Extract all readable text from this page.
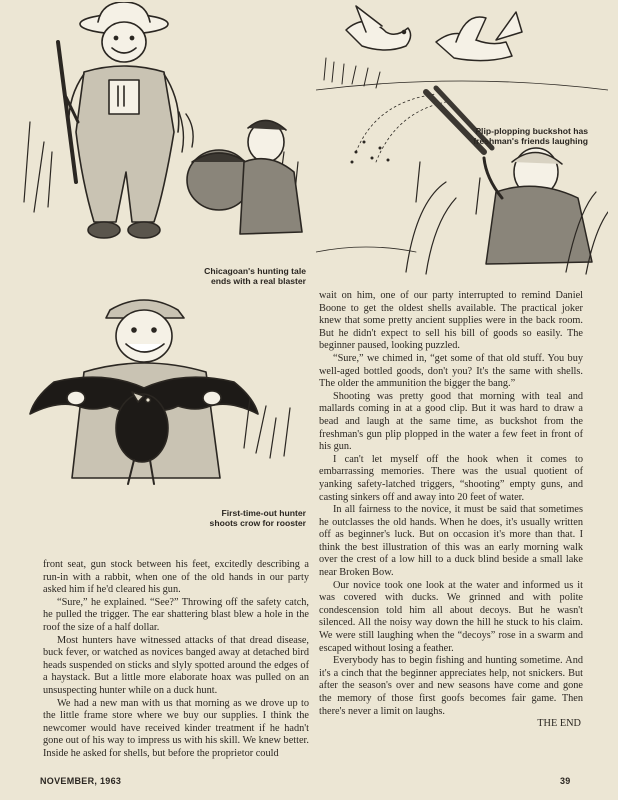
Chicagoan's hunting tale ends with a real blaster
First-time-out hunter shoots crow for rooster
Plip-plopping buckshot has freshman's friends laughing

front seat, gun stock between his feet, excitedly describing a run-in with a rabbit, when one of the old hands in our party asked him if he'd cleared his gun.

“Sure,” he explained. “See?” Throwing off the safety catch, he pulled the trigger. The ear shattering blast blew a hole in the roof the size of a half dollar.

Most hunters have witnessed attacks of that dread disease, buck fever, or watched as novices banged away at detached bird heads suspended on sticks and slyly spotted around the edges of a haystack. But a little more elaborate hoax was pulled on an unsuspecting hunter while on a duck hunt.

We had a new man with us that morning as we drove up to the little frame store where we buy our supplies. I think the newcomer would have received kinder treatment if he hadn't gone out of his way to impress us with his skill. We knew better. Inside he asked for shells, but before the proprietor could

wait on him, one of our party interrupted to remind Daniel Boone to get the oldest shells available. The practical joker knew that some pretty ancient supplies were in the back room. But he didn't expect to sell his bill of goods so easily. The beginner paused, looking puzzled.

“Sure,” we chimed in, “get some of that old stuff. You buy well-aged bottled goods, don't you? It's the same with shells. The older the ammunition the bigger the bang.”

Shooting was pretty good that morning with teal and mallards coming in at a good clip. But it was hard to draw a bead and laugh at the same time, as buckshot from the freshman's gun plip plopped in the water a few feet in front of his gun.

I can't let myself off the hook when it comes to embarrassing memories. There was the usual quotient of yanking safety-latched triggers, “shooting” empty guns, and casting sinkers off and away into 20 feet of water.

In all fairness to the novice, it must be said that sometimes he outclasses the old hands. When he does, it's usually written off as beginner's luck. But on occasion it's more than that. I think the best illustration of this was an early morning walk over the crest of a low hill to a duck blind beside a small lake near Broken Bow.

Our novice took one look at the water and informed us it was covered with ducks. We grinned and with polite condescension told him all about decoys. But he wasn't silenced. All the noisy way down the hill he stuck to his claim. We were still laughing when the “decoys” rose in a swarm and escaped without losing a feather.

Everybody has to begin fishing and hunting sometime. And it's a cinch that the beginner appreciates help, not snickers. But after the season's over and new seasons have come and gone the memory of those first goofs becomes fair game. Then there's never a limit on laughs.

THE END
NOVEMBER, 1963	39
